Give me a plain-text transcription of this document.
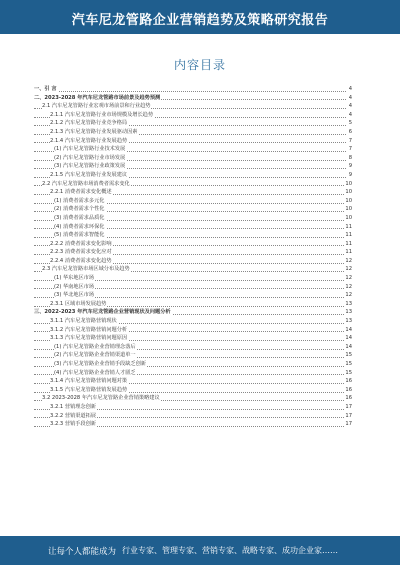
汽车尼龙管路企业营销趋势及策略研究报告
内容目录
一、引 言	4
二、2023-2028 年汽车尼龙管路市场前景及趋势预测	4
2.1 汽车尼龙管路行业宏观市场前景和行业趋势	4
2.1.1 汽车尼龙管路行业市场规模及增长趋势	4
2.1.2 汽车尼龙管路行业竞争格局	5
2.1.3 汽车尼龙管路行业发展驱动因素	6
2.1.4 汽车尼龙管路行业发展趋势	7
(1) 汽车尼龙管路行业技术发展	7
(2) 汽车尼龙管路行业市场发展	8
(3) 汽车尼龙管路行业政策发展	9
2.1.5 汽车尼龙管路行业发展建议	9
2.2 汽车尼龙管路市场消费者需求变化	10
2.2.1 消费者需求变化概述	10
(1) 消费者需求多元化	10
(2) 消费者需求个性化	10
(3) 消费者需求品质化	10
(4) 消费者需求环保化	11
(5) 消费者需求智能化	11
2.2.2 消费者需求变化影响	11
2.2.3 消费者需求变化应对	11
2.2.4 消费者需求变化趋势	12
2.3 汽车尼龙管路市场区域分布及趋势	12
(1) 华东地区市场	12
(2) 华南地区市场	12
(3) 华北地区市场	12
2.3.1 区域市场发展趋势	13
三、2022-2023 年汽车尼龙管路企业营销现状及问题分析	13
3.1.1 汽车尼龙管路营销现状	13
3.1.2 汽车尼龙管路营销问题分析	14
3.1.3 汽车尼龙管路营销问题原因	14
(1) 汽车尼龙管路企业营销理念落后	14
(2) 汽车尼龙管路企业营销渠道单一	15
(3) 汽车尼龙管路企业营销手段缺乏创新	15
(4) 汽车尼龙管路企业营销人才匮乏	15
3.1.4 汽车尼龙管路营销问题对策	16
3.1.5 汽车尼龙管路营销发展趋势	16
3.2 2023-2028 年汽车尼龙管路企业营销策略建议	16
3.2.1 营销理念创新	17
3.2.2 营销渠道拓展	17
3.2.3 营销手段创新	17
让每个人都能成为 行业专家、管理专家、营销专家、战略专家、成功企业家……
